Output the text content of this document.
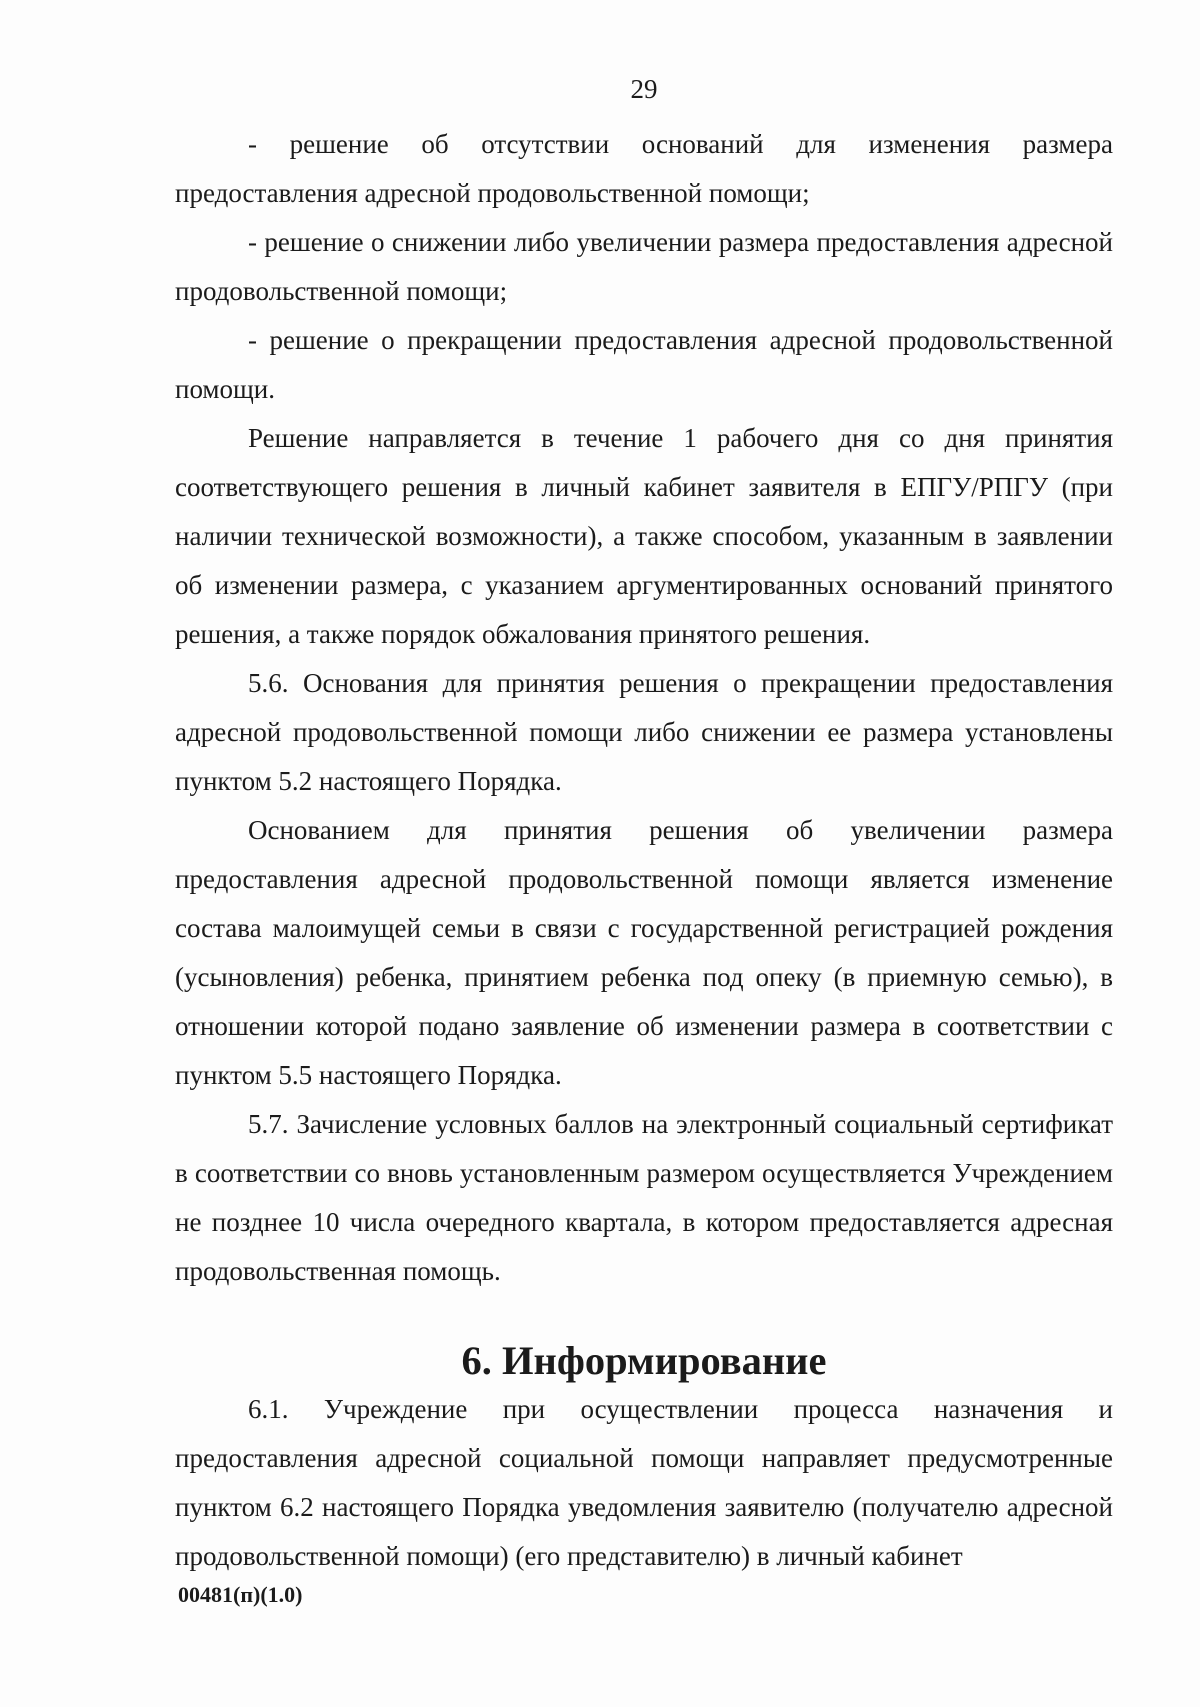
29

- решение об отсутствии оснований для изменения размера предоставления адресной продовольственной помощи;

- решение о снижении либо увеличении размера предоставления адресной продовольственной помощи;

- решение о прекращении предоставления адресной продовольственной помощи.

Решение направляется в течение 1 рабочего дня со дня принятия соответствующего решения в личный кабинет заявителя в ЕПГУ/РПГУ (при наличии технической возможности), а также способом, указанным в заявлении об изменении размера, с указанием аргументированных оснований принятого решения, а также порядок обжалования принятого решения.

5.6. Основания для принятия решения о прекращении предоставления адресной продовольственной помощи либо снижении ее размера установлены пунктом 5.2 настоящего Порядка.

Основанием для принятия решения об увеличении размера предоставления адресной продовольственной помощи является изменение состава малоимущей семьи в связи с государственной регистрацией рождения (усыновления) ребенка, принятием ребенка под опеку (в приемную семью), в отношении которой подано заявление об изменении размера в соответствии с пунктом 5.5 настоящего Порядка.

5.7. Зачисление условных баллов на электронный социальный сертификат в соответствии со вновь установленным размером осуществляется Учреждением не позднее 10 числа очередного квартала, в котором предоставляется адресная продовольственная помощь.

6. Информирование

6.1. Учреждение при осуществлении процесса назначения и предоставления адресной социальной помощи направляет предусмотренные пунктом 6.2 настоящего Порядка уведомления заявителю (получателю адресной продовольственной помощи) (его представителю) в личный кабинет

00481(п)(1.0)
